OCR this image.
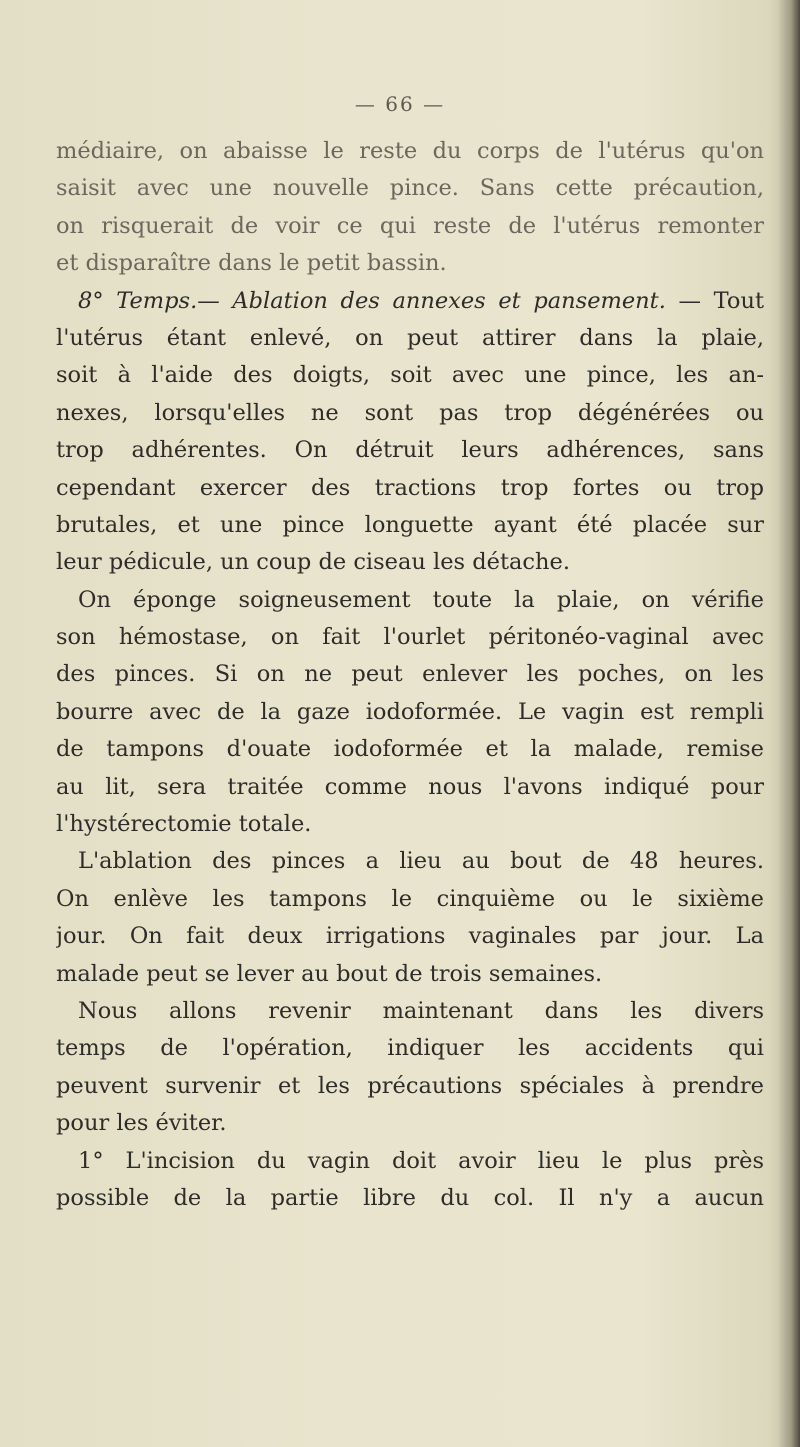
— 66 —
médiaire, on abaisse le reste du corps de l'utérus qu'on
saisit avec une nouvelle pince. Sans cette précaution,
on risquerait de voir ce qui reste de l'utérus remonter
et disparaître dans le petit bassin.
8° Temps.— Ablation des annexes et pansement. — Tout
l'utérus étant enlevé, on peut attirer dans la plaie,
soit à l'aide des doigts, soit avec une pince, les an-
nexes, lorsqu'elles ne sont pas trop dégénérées ou
trop adhérentes. On détruit leurs adhérences, sans
cependant exercer des tractions trop fortes ou trop
brutales, et une pince longuette ayant été placée sur
leur pédicule, un coup de ciseau les détache.
On éponge soigneusement toute la plaie, on vérifie
son hémostase, on fait l'ourlet péritonéo-vaginal avec
des pinces. Si on ne peut enlever les poches, on les
bourre avec de la gaze iodoformée. Le vagin est rempli
de tampons d'ouate iodoformée et la malade, remise
au lit, sera traitée comme nous l'avons indiqué pour
l'hystérectomie totale.
L'ablation des pinces a lieu au bout de 48 heures.
On enlève les tampons le cinquième ou le sixième
jour. On fait deux irrigations vaginales par jour. La
malade peut se lever au bout de trois semaines.
Nous allons revenir maintenant dans les divers
temps de l'opération, indiquer les accidents qui
peuvent survenir et les précautions spéciales à prendre
pour les éviter.
1° L'incision du vagin doit avoir lieu le plus près
possible de la partie libre du col. Il n'y a aucun
